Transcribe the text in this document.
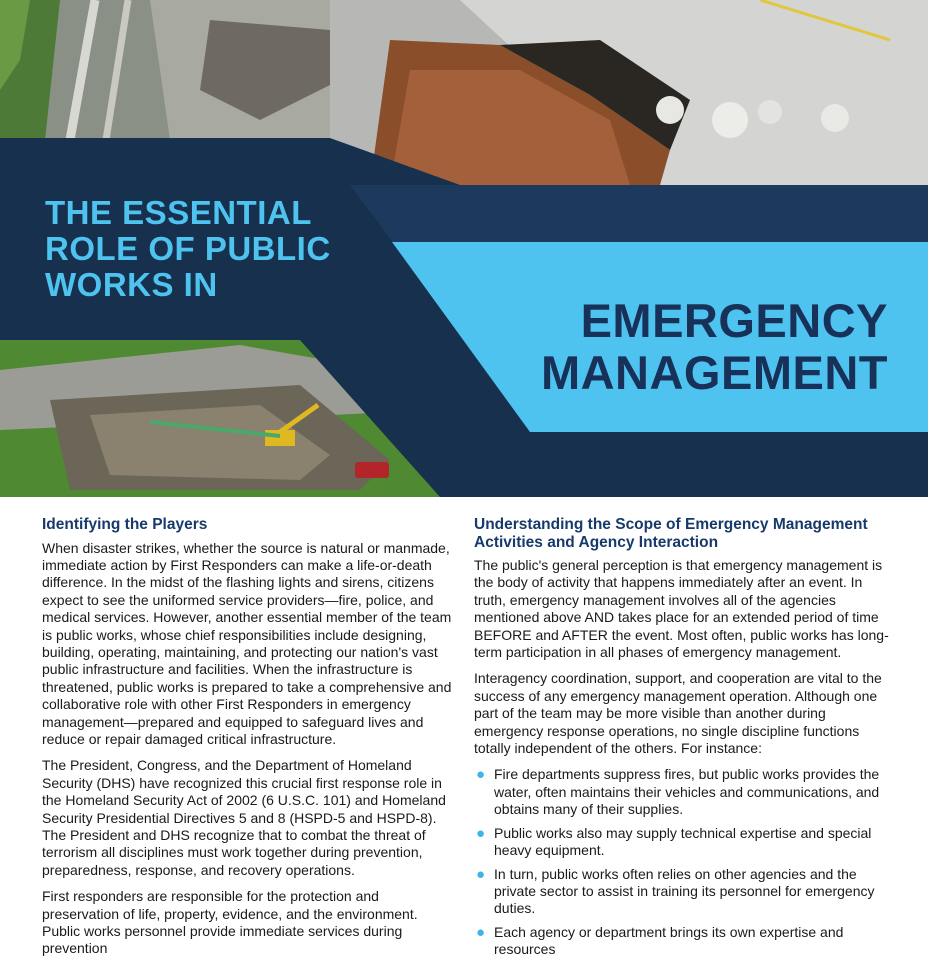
THE ESSENTIAL
ROLE OF PUBLIC
WORKS IN
EMERGENCY
MANAGEMENT
Identifying the Players

When disaster strikes, whether the source is natural or manmade, immediate action by First Responders can make a life-or-death difference. In the midst of the flashing lights and sirens, citizens expect to see the uniformed service providers—fire, police, and medical services. However, another essential member of the team is public works, whose chief responsibilities include designing, building, operating, maintaining, and protecting our nation's vast public infrastructure and facilities. When the infrastructure is threatened, public works is prepared to take a comprehensive and collaborative role with other First Responders in emergency management—prepared and equipped to safeguard lives and reduce or repair damaged critical infrastructure.

The President, Congress, and the Department of Homeland Security (DHS) have recognized this crucial first response role in the Homeland Security Act of 2002 (6 U.S.C. 101) and Homeland Security Presidential Directives 5 and 8 (HSPD-5 and HSPD-8). The President and DHS recognize that to combat the threat of terrorism all disciplines must work together during prevention, preparedness, response, and recovery operations.

First responders are responsible for the protection and preservation of life, property, evidence, and the environment. Public works personnel provide immediate services during prevention

Understanding the Scope of Emergency Management Activities and Agency Interaction

The public's general perception is that emergency management is the body of activity that happens immediately after an event. In truth, emergency management involves all of the agencies mentioned above AND takes place for an extended period of time BEFORE and AFTER the event. Most often, public works has long-term participation in all phases of emergency management.

Interagency coordination, support, and cooperation are vital to the success of any emergency management operation. Although one part of the team may be more visible than another during emergency response operations, no single discipline functions totally independent of the others. For instance:

● Fire departments suppress fires, but public works provides the water, often maintains their vehicles and communications, and obtains many of their supplies.
● Public works also may supply technical expertise and special heavy equipment.
● In turn, public works often relies on other agencies and the private sector to assist in training its personnel for emergency duties.
● Each agency or department brings its own expertise and resources
